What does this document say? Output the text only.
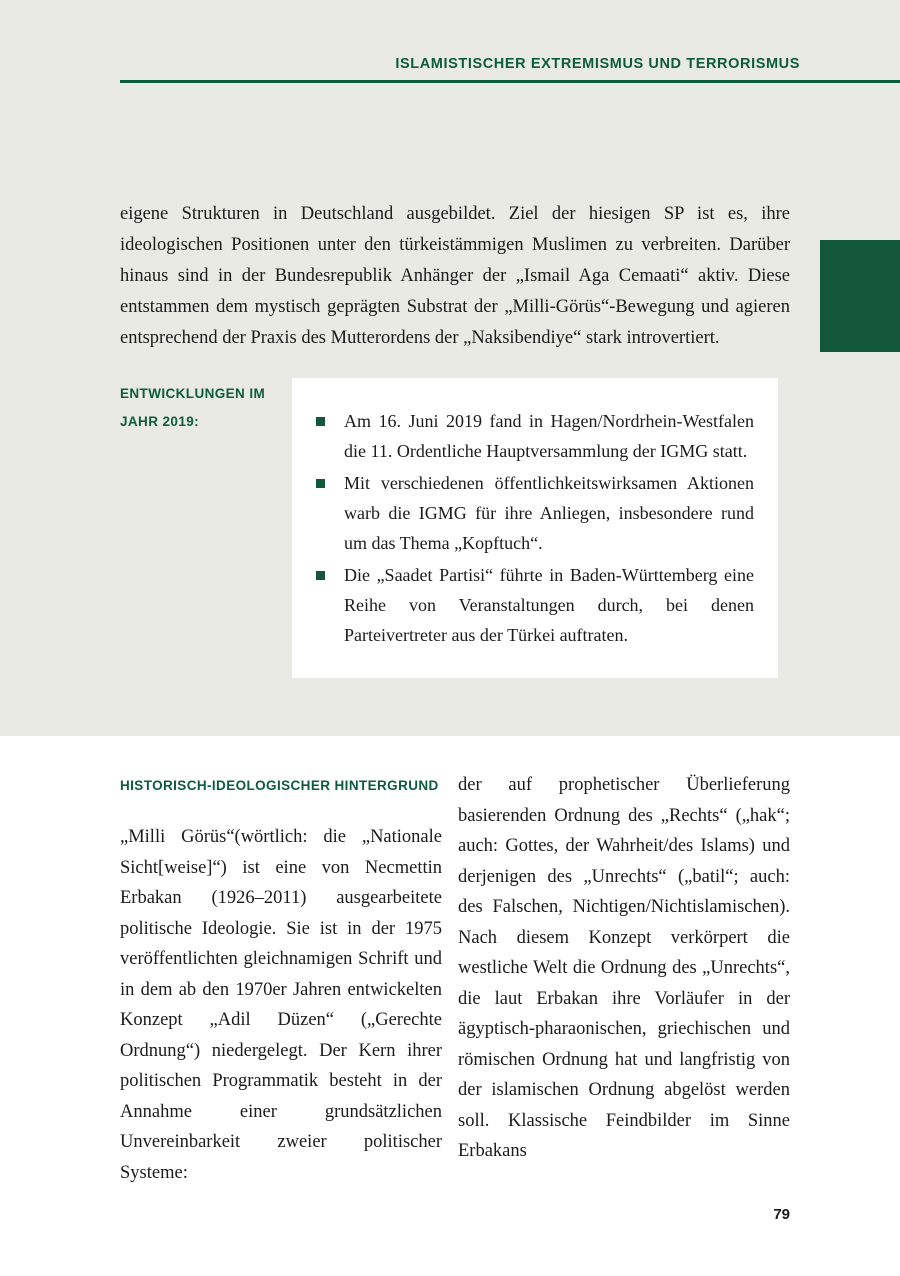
ISLAMISTISCHER EXTREMISMUS UND TERRORISMUS

eigene Strukturen in Deutschland ausgebildet. Ziel der hiesigen SP ist es, ihre ideologischen Positionen unter den türkeistämmigen Muslimen zu verbreiten. Darüber hinaus sind in der Bundesrepublik Anhänger der „Ismail Aga Cemaati“ aktiv. Diese entstammen dem mystisch geprägten Substrat der „Milli-Görüs“-Bewegung und agieren entsprechend der Praxis des Mutterordens der „Naksibendiye“ stark introvertiert.

ENTWICKLUNGEN IM JAHR 2019:	Am 16. Juni 2019 fand in Hagen/Nordrhein-Westfalen die 11. Ordentliche Hauptversammlung der IGMG statt.
Mit verschiedenen öffentlichkeitswirksamen Aktionen warb die IGMG für ihre Anliegen, insbesondere rund um das Thema „Kopftuch“.
Die „Saadet Partisi“ führte in Baden-Württemberg eine Reihe von Veranstaltungen durch, bei denen Parteivertreter aus der Türkei auftraten.
HISTORISCH-IDEOLOGISCHER HINTERGRUND
„Milli Görüs“(wörtlich: die „Nationale Sicht[weise]“) ist eine von Necmettin Erbakan (1926–2011) ausgearbeitete politische Ideologie. Sie ist in der 1975 veröffentlichten gleichnamigen Schrift und in dem ab den 1970er Jahren entwickelten Konzept „Adil Düzen“ („Gerechte Ordnung“) niedergelegt. Der Kern ihrer politischen Programmatik besteht in der Annahme einer grundsätzlichen Unvereinbarkeit zweier politischer Systeme:
der auf prophetischer Überlieferung basierenden Ordnung des „Rechts“ („hak“; auch: Gottes, der Wahrheit/des Islams) und derjenigen des „Unrechts“ („batil“; auch: des Falschen, Nichtigen/Nichtislamischen). Nach diesem Konzept verkörpert die westliche Welt die Ordnung des „Unrechts“, die laut Erbakan ihre Vorläufer in der ägyptisch-pharaonischen, griechischen und römischen Ordnung hat und langfristig von der islamischen Ordnung abgelöst werden soll. Klassische Feindbilder im Sinne Erbakans
79
